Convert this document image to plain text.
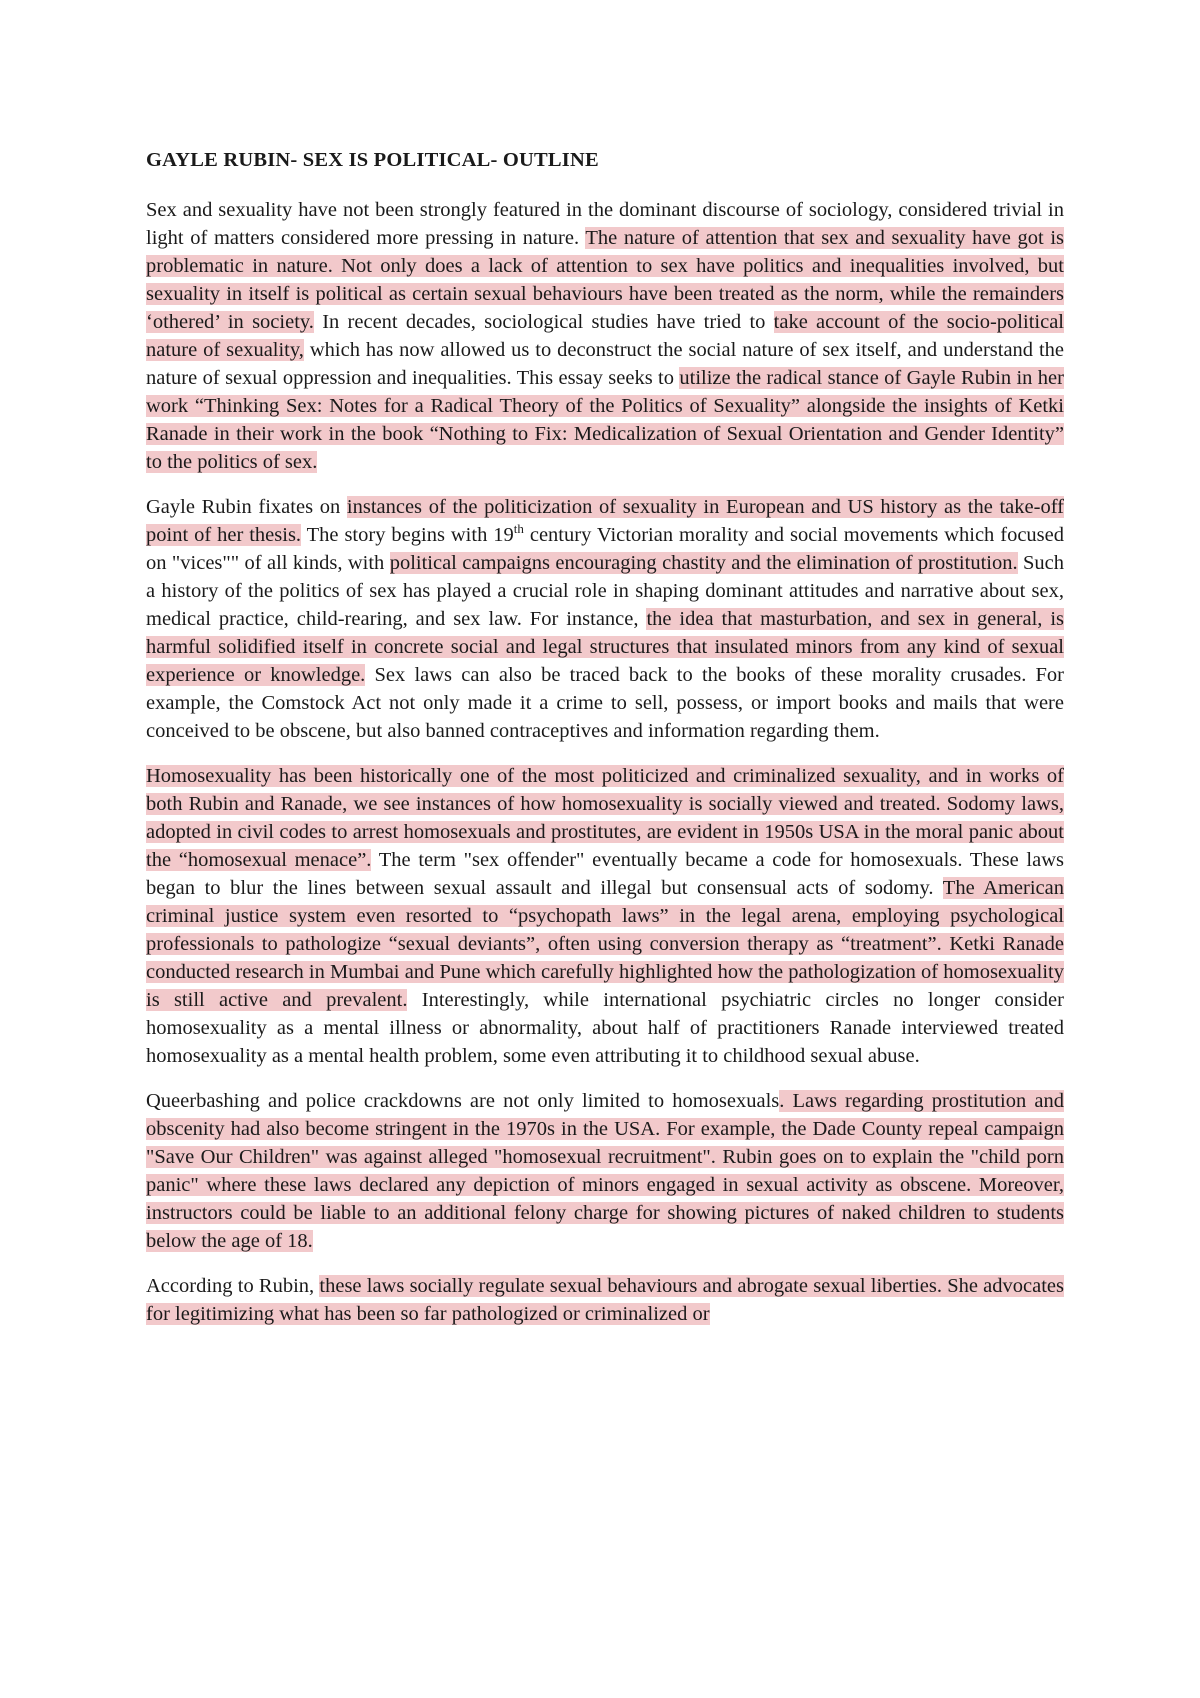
GAYLE RUBIN- SEX IS POLITICAL- OUTLINE

Sex and sexuality have not been strongly featured in the dominant discourse of sociology, considered trivial in light of matters considered more pressing in nature. The nature of attention that sex and sexuality have got is problematic in nature. Not only does a lack of attention to sex have politics and inequalities involved, but sexuality in itself is political as certain sexual behaviours have been treated as the norm, while the remainders ‘othered’ in society. In recent decades, sociological studies have tried to take account of the socio-political nature of sexuality, which has now allowed us to deconstruct the social nature of sex itself, and understand the nature of sexual oppression and inequalities. This essay seeks to utilize the radical stance of Gayle Rubin in her work “Thinking Sex: Notes for a Radical Theory of the Politics of Sexuality” alongside the insights of Ketki Ranade in their work in the book “Nothing to Fix: Medicalization of Sexual Orientation and Gender Identity” to the politics of sex.

Gayle Rubin fixates on instances of the politicization of sexuality in European and US history as the take-off point of her thesis. The story begins with 19th century Victorian morality and social movements which focused on "vices"" of all kinds, with political campaigns encouraging chastity and the elimination of prostitution. Such a history of the politics of sex has played a crucial role in shaping dominant attitudes and narrative about sex, medical practice, child-rearing, and sex law. For instance, the idea that masturbation, and sex in general, is harmful solidified itself in concrete social and legal structures that insulated minors from any kind of sexual experience or knowledge. Sex laws can also be traced back to the books of these morality crusades. For example, the Comstock Act not only made it a crime to sell, possess, or import books and mails that were conceived to be obscene, but also banned contraceptives and information regarding them.

Homosexuality has been historically one of the most politicized and criminalized sexuality, and in works of both Rubin and Ranade, we see instances of how homosexuality is socially viewed and treated. Sodomy laws, adopted in civil codes to arrest homosexuals and prostitutes, are evident in 1950s USA in the moral panic about the “homosexual menace”. The term "sex offender" eventually became a code for homosexuals. These laws began to blur the lines between sexual assault and illegal but consensual acts of sodomy. The American criminal justice system even resorted to “psychopath laws” in the legal arena, employing psychological professionals to pathologize “sexual deviants”, often using conversion therapy as “treatment”. Ketki Ranade conducted research in Mumbai and Pune which carefully highlighted how the pathologization of homosexuality is still active and prevalent. Interestingly, while international psychiatric circles no longer consider homosexuality as a mental illness or abnormality, about half of practitioners Ranade interviewed treated homosexuality as a mental health problem, some even attributing it to childhood sexual abuse.

Queerbashing and police crackdowns are not only limited to homosexuals. Laws regarding prostitution and obscenity had also become stringent in the 1970s in the USA. For example, the Dade County repeal campaign "Save Our Children" was against alleged "homosexual recruitment". Rubin goes on to explain the "child porn panic" where these laws declared any depiction of minors engaged in sexual activity as obscene. Moreover, instructors could be liable to an additional felony charge for showing pictures of naked children to students below the age of 18.

According to Rubin, these laws socially regulate sexual behaviours and abrogate sexual liberties. She advocates for legitimizing what has been so far pathologized or criminalized or
